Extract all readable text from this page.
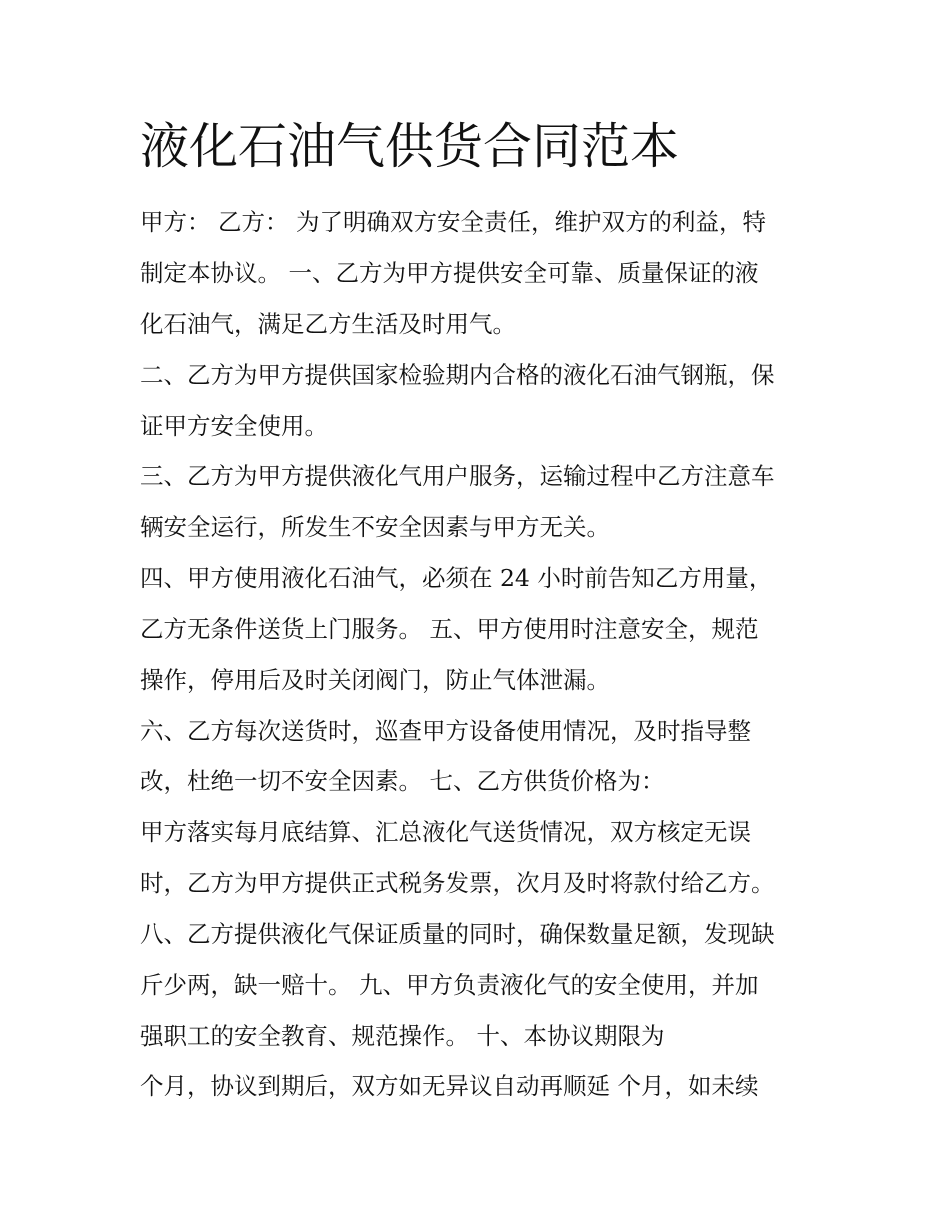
液化石油气供货合同范本

甲方： 乙方： 为了明确双方安全责任，维护双方的利益，特

制定本协议。 一、乙方为甲方提供安全可靠、质量保证的液

化石油气，满足乙方生活及时用气。

二、乙方为甲方提供国家检验期内合格的液化石油气钢瓶，保

证甲方安全使用。

三、乙方为甲方提供液化气用户服务，运输过程中乙方注意车

辆安全运行，所发生不安全因素与甲方无关。

四、甲方使用液化石油气，必须在 24 小时前告知乙方用量，

乙方无条件送货上门服务。 五、甲方使用时注意安全，规范

操作，停用后及时关闭阀门，防止气体泄漏。

六、乙方每次送货时，巡查甲方设备使用情况，及时指导整

改，杜绝一切不安全因素。 七、乙方供货价格为：

甲方落实每月底结算、汇总液化气送货情况，双方核定无误

时，乙方为甲方提供正式税务发票，次月及时将款付给乙方。

八、乙方提供液化气保证质量的同时，确保数量足额，发现缺

斤少两，缺一赔十。 九、甲方负责液化气的安全使用，并加

强职工的安全教育、规范操作。 十、本协议期限为

个月，协议到期后，双方如无异议自动再顺延 个月，如未续
